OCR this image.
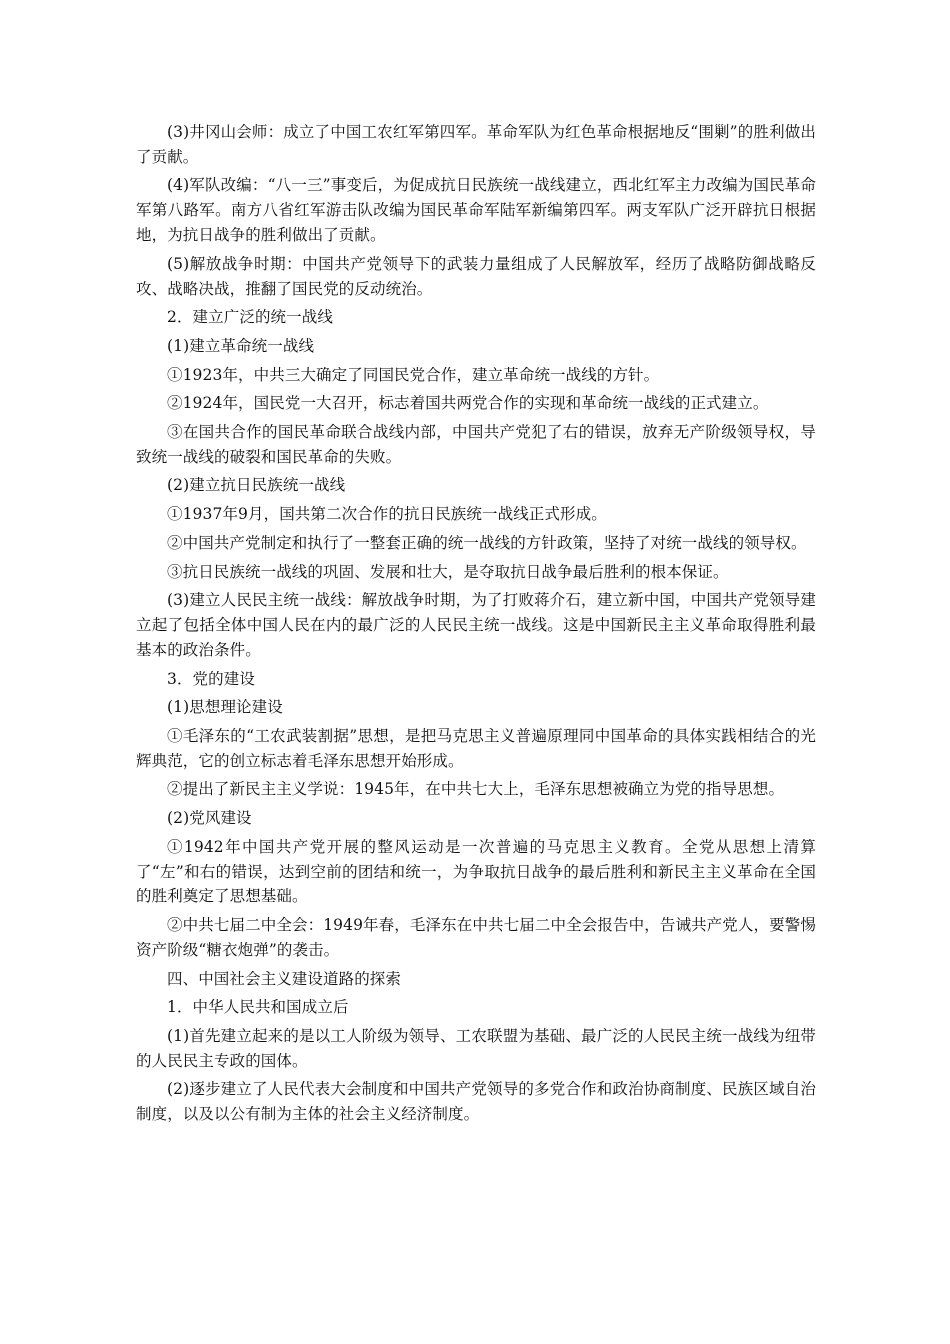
(3)井冈山会师：成立了中国工农红军第四军。革命军队为红色革命根据地反“围剿”的胜利做出了贡献。

(4)军队改编：“八一三”事变后，为促成抗日民族统一战线建立，西北红军主力改编为国民革命军第八路军。南方八省红军游击队改编为国民革命军陆军新编第四军。两支军队广泛开辟抗日根据地，为抗日战争的胜利做出了贡献。

(5)解放战争时期：中国共产党领导下的武装力量组成了人民解放军，经历了战略防御战略反攻、战略决战，推翻了国民党的反动统治。

2．建立广泛的统一战线

(1)建立革命统一战线

①1923年，中共三大确定了同国民党合作，建立革命统一战线的方针。

②1924年，国民党一大召开，标志着国共两党合作的实现和革命统一战线的正式建立。

③在国共合作的国民革命联合战线内部，中国共产党犯了右的错误，放弃无产阶级领导权，导致统一战线的破裂和国民革命的失败。

(2)建立抗日民族统一战线

①1937年9月，国共第二次合作的抗日民族统一战线正式形成。

②中国共产党制定和执行了一整套正确的统一战线的方针政策，坚持了对统一战线的领导权。

③抗日民族统一战线的巩固、发展和壮大，是夺取抗日战争最后胜利的根本保证。

(3)建立人民民主统一战线：解放战争时期，为了打败蒋介石，建立新中国，中国共产党领导建立起了包括全体中国人民在内的最广泛的人民民主统一战线。这是中国新民主主义革命取得胜利最基本的政治条件。

3．党的建设

(1)思想理论建设

①毛泽东的“工农武装割据”思想，是把马克思主义普遍原理同中国革命的具体实践相结合的光辉典范，它的创立标志着毛泽东思想开始形成。

②提出了新民主主义学说：1945年，在中共七大上，毛泽东思想被确立为党的指导思想。

(2)党风建设

①1942年中国共产党开展的整风运动是一次普遍的马克思主义教育。全党从思想上清算了“左”和右的错误，达到空前的团结和统一，为争取抗日战争的最后胜利和新民主主义革命在全国的胜利奠定了思想基础。

②中共七届二中全会：1949年春，毛泽东在中共七届二中全会报告中，告诫共产党人，要警惕资产阶级“糖衣炮弹”的袭击。

四、中国社会主义建设道路的探索

1．中华人民共和国成立后

(1)首先建立起来的是以工人阶级为领导、工农联盟为基础、最广泛的人民民主统一战线为纽带的人民民主专政的国体。

(2)逐步建立了人民代表大会制度和中国共产党领导的多党合作和政治协商制度、民族区域自治制度，以及以公有制为主体的社会主义经济制度。
